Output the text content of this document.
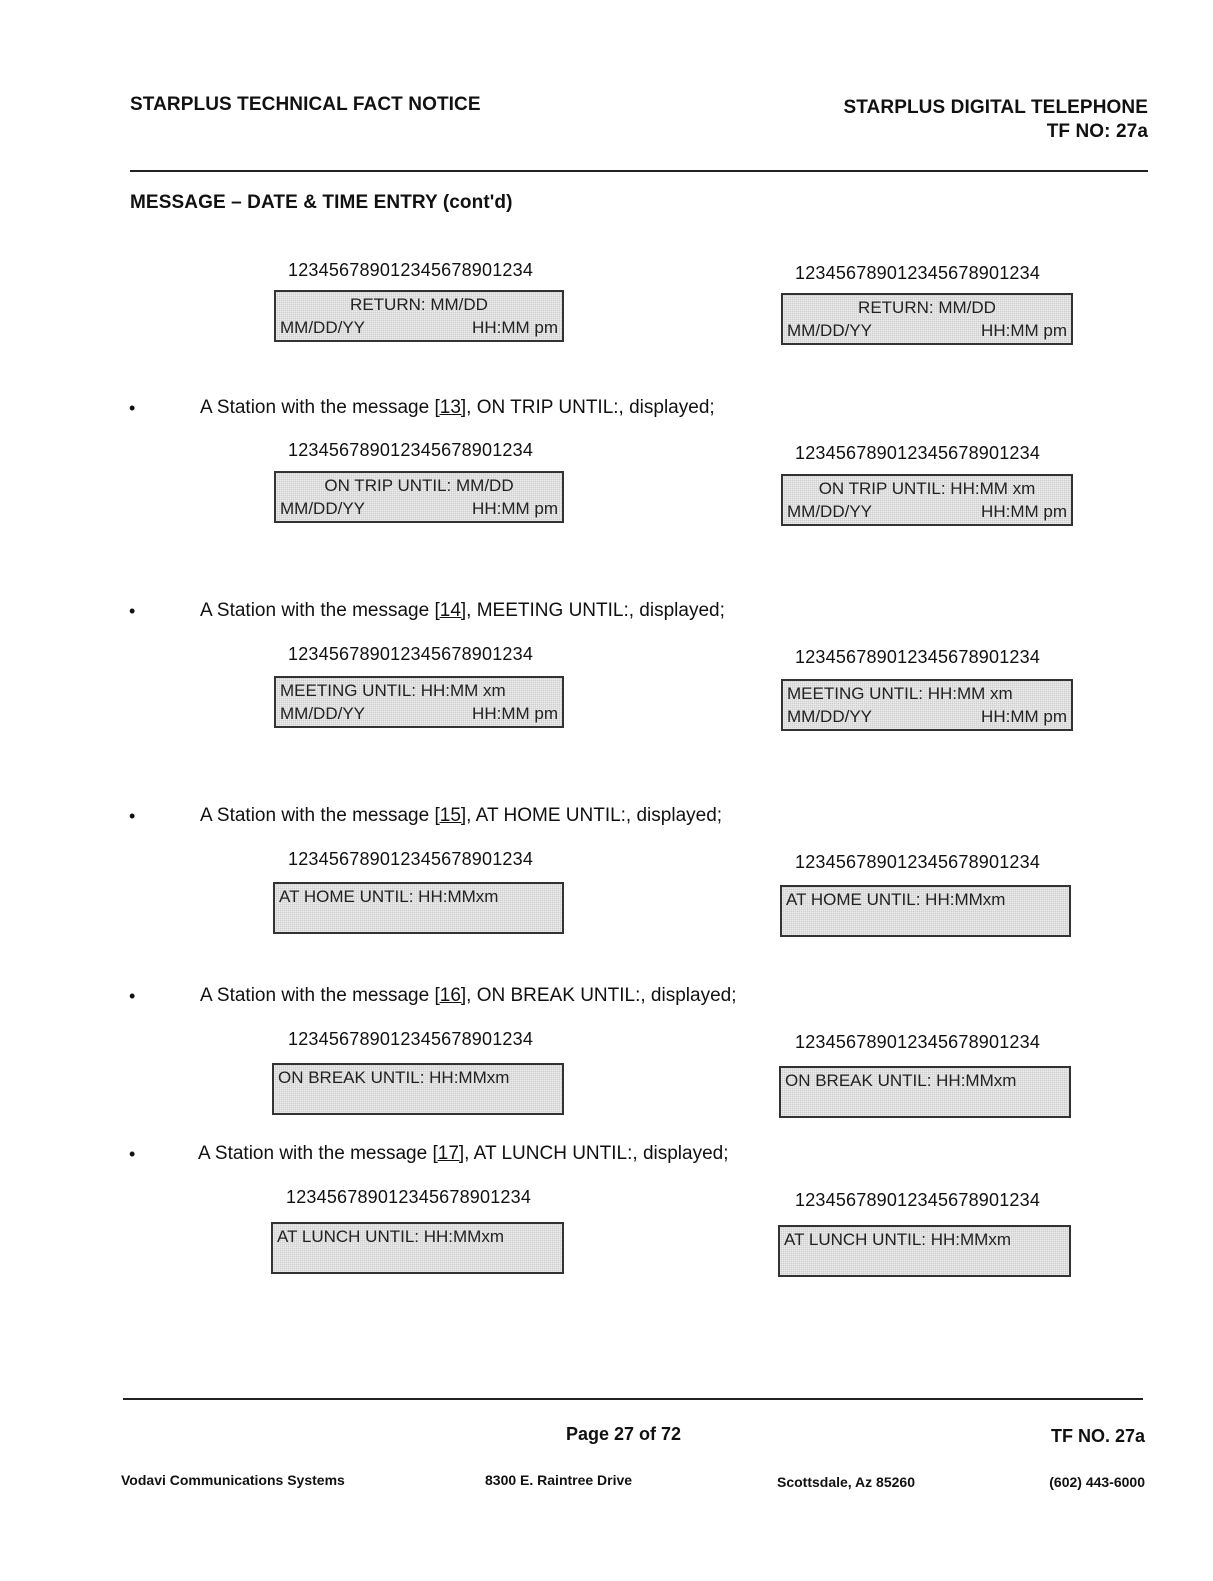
STARPLUS TECHNICAL FACT NOTICE	STARPLUS DIGITAL TELEPHONE
TF NO: 27a
MESSAGE – DATE & TIME ENTRY (cont'd)
123456789012345678901234	123456789012345678901234
RETURN: MM/DD
MM/DD/YY	HH:MM pm
RETURN: MM/DD
MM/DD/YY	HH:MM pm
•	A Station with the message [13], ON TRIP UNTIL:, displayed;
123456789012345678901234	123456789012345678901234
ON TRIP UNTIL: MM/DD
MM/DD/YY	HH:MM pm
ON TRIP UNTIL: HH:MM xm
MM/DD/YY	HH:MM pm
•	A Station with the message [14], MEETING UNTIL:, displayed;
123456789012345678901234	123456789012345678901234
MEETING UNTIL: HH:MM xm
MM/DD/YY	HH:MM pm
MEETING UNTIL: HH:MM xm
MM/DD/YY	HH:MM pm
•	A Station with the message [15], AT HOME UNTIL:, displayed;
123456789012345678901234	123456789012345678901234
AT HOME UNTIL: HH:MMxm	AT HOME UNTIL: HH:MMxm
•	A Station with the message [16], ON BREAK UNTIL:, displayed;
123456789012345678901234	123456789012345678901234
ON BREAK UNTIL: HH:MMxm	ON BREAK UNTIL: HH:MMxm
•	A Station with the message [17], AT LUNCH UNTIL:, displayed;
123456789012345678901234	123456789012345678901234
AT LUNCH UNTIL: HH:MMxm	AT LUNCH UNTIL: HH:MMxm
Page 27 of 72	TF NO. 27a
Vodavi Communications Systems	8300 E. Raintree Drive	Scottsdale, Az 85260	(602) 443-6000
